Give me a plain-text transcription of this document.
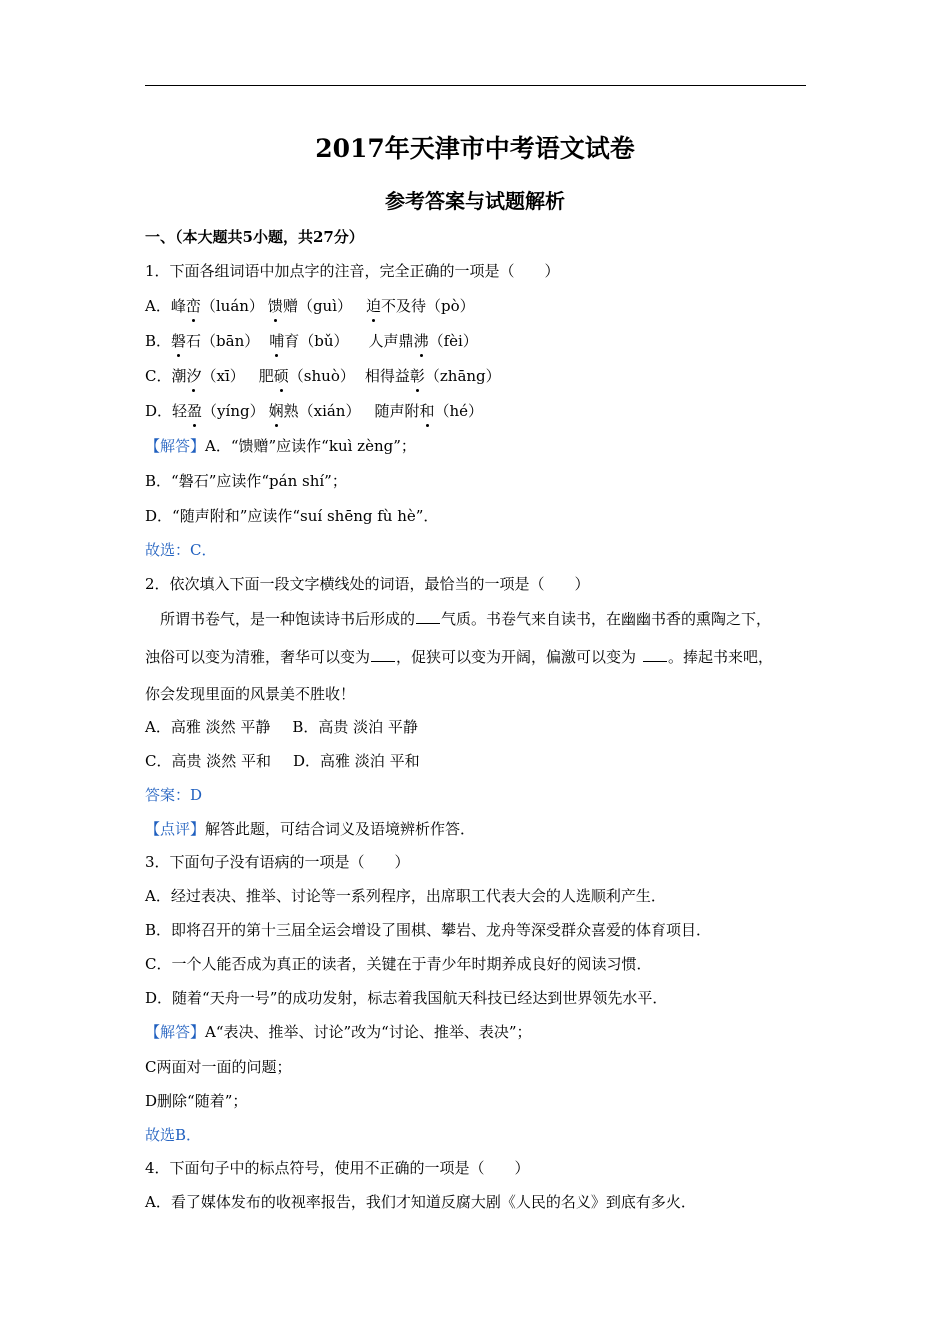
2017年天津市中考语文试卷
参考答案与试题解析
一、（本大题共5小题，共27分）
1．下面各组词语中加点字的注音，完全正确的一项是（　　）
A．峰峦（luán） 馈赠（guì） 迫不及待（pò）
B．磐石（bān） 哺育（bǔ） 人声鼎沸（fèi）
C．潮汐（xī） 肥硕（shuò） 相得益彰（zhāng）
D．轻盈（yíng） 娴熟（xián） 随声附和（hé）
【解答】A．“馈赠”应读作“kuì zèng”；
B．“磐石”应读作“pán shí”；
D．“随声附和”应读作“suí shēng fù hè”．
故选：C．
2．依次填入下面一段文字横线处的词语，最恰当的一项是（　　）
所谓书卷气，是一种饱读诗书后形成的 气质。书卷气来自读书，在幽幽书香的熏陶之下，
浊俗可以变为清雅，奢华可以变为 ，促狭可以变为开阔，偏激可以变为 。捧起书来吧，
你会发现里面的风景美不胜收！
A．高雅 淡然 平静 B．高贵 淡泊 平静
C．高贵 淡然 平和 D．高雅 淡泊 平和
答案：D
【点评】解答此题，可结合词义及语境辨析作答．
3．下面句子没有语病的一项是（　　）
A．经过表决、推举、讨论等一系列程序，出席职工代表大会的人选顺利产生．
B．即将召开的第十三届全运会增设了围棋、攀岩、龙舟等深受群众喜爱的体育项目．
C．一个人能否成为真正的读者，关键在于青少年时期养成良好的阅读习惯．
D．随着“天舟一号”的成功发射，标志着我国航天科技已经达到世界领先水平．
【解答】A“表决、推举、讨论”改为“讨论、推举、表决”；
C两面对一面的问题；
D删除“随着”；
故选B．
4．下面句子中的标点符号，使用不正确的一项是（　　）
A．看了媒体发布的收视率报告，我们才知道反腐大剧《人民的名义》到底有多火．
